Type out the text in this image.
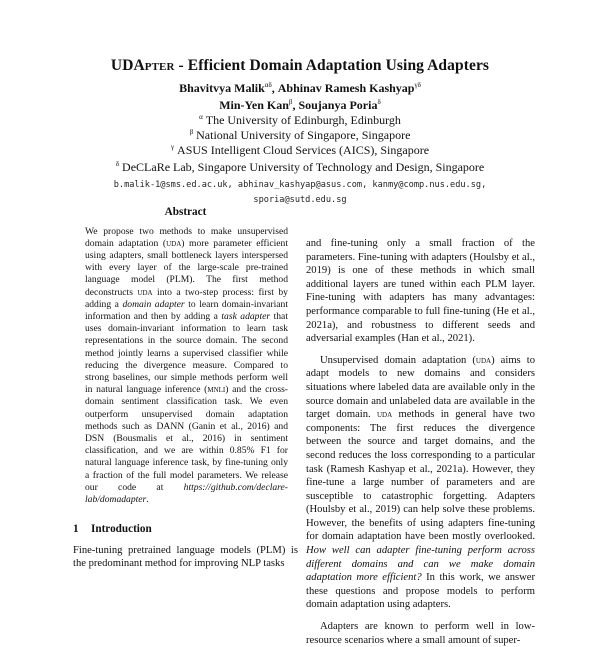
UDApter - Efficient Domain Adaptation Using Adapters
Bhavitvya Malik$^{\alpha\delta}$, Abhinav Ramesh Kashyap$^{\gamma\delta}$
Min-Yen Kan$^\beta$, Soujanya Poria$^\delta$
$^\alpha$ The University of Edinburgh, Edinburgh
$^\beta$ National University of Singapore, Singapore
$^\gamma$ ASUS Intelligent Cloud Services (AICS), Singapore
$^\delta$ DeCLaRe Lab, Singapore University of Technology and Design, Singapore
b.malik-1@sms.ed.ac.uk, abhinav_kashyap@asus.com, kanmy@comp.nus.edu.sg,
sporia@sutd.edu.sg
Abstract

We propose two methods to make unsupervised domain adaptation (uda) more parameter efficient using adapters, small bottleneck layers interspersed with every layer of the large-scale pre-trained language model (PLM). The first method deconstructs uda into a two-step process: first by adding a domain adapter to learn domain-invariant information and then by adding a task adapter that uses domain-invariant information to learn task representations in the source domain. The second method jointly learns a supervised classifier while reducing the divergence measure. Compared to strong baselines, our simple methods perform well in natural language inference (mnli) and the cross-domain sentiment classification task. We even outperform unsupervised domain adaptation methods such as DANN (Ganin et al., 2016) and DSN (Bousmalis et al., 2016) in sentiment classification, and we are within 0.85% F1 for natural language inference task, by fine-tuning only a fraction of the full model parameters. We release our code at https://github.com/declare-lab/domadapter.

1 Introduction

Fine-tuning pretrained language models (PLM) is the predominant method for improving NLP tasks

and fine-tuning only a small fraction of the parameters. Fine-tuning with adapters (Houlsby et al., 2019) is one of these methods in which small additional layers are tuned within each PLM layer. Fine-tuning with adapters has many advantages: performance comparable to full fine-tuning (He et al., 2021a), and robustness to different seeds and adversarial examples (Han et al., 2021).

Unsupervised domain adaptation (uda) aims to adapt models to new domains and considers situations where labeled data are available only in the source domain and unlabeled data are available in the target domain. uda methods in general have two components: The first reduces the divergence between the source and target domains, and the second reduces the loss corresponding to a particular task (Ramesh Kashyap et al., 2021a). However, they fine-tune a large number of parameters and are susceptible to catastrophic forgetting. Adapters (Houlsby et al., 2019) can help solve these problems. However, the benefits of using adapters fine-tuning for domain adaptation have been mostly overlooked. How well can adapter fine-tuning perform across different domains and can we make domain adaptation more efficient? In this work, we answer these questions and propose models to perform domain adaptation using adapters.

Adapters are known to perform well in low-resource scenarios where a small amount of super-
